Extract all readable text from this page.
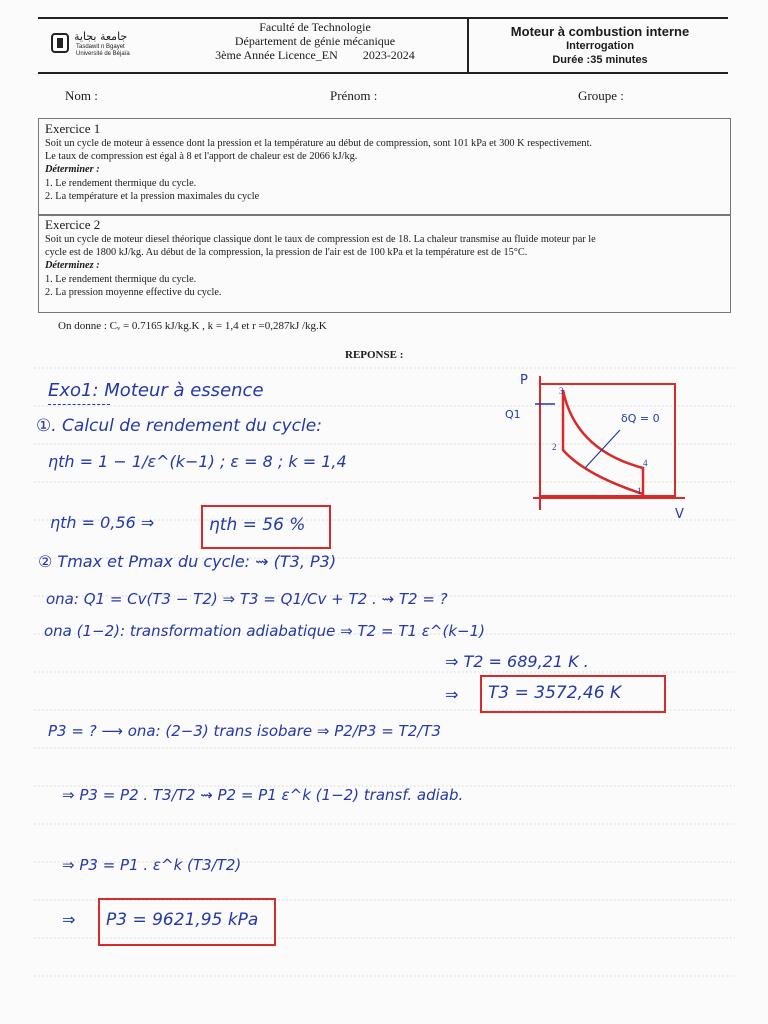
جامعة بجاية
Tasdawit n Bgayet
Université de Béjaïa
Faculté de Technologie
Département de génie mécanique
3ème Année Licence_EN 2023-2024
Moteur à combustion interne
Interrogation
Durée :35 minutes
Nom :	Prénom :	Groupe :
Exercice 1
Soit un cycle de moteur à essence dont la pression et la température au début de compression, sont 101 kPa et 300 K respectivement.
Le taux de compression est égal à 8 et l'apport de chaleur est de 2066 kJ/kg.
Déterminer :
1. Le rendement thermique du cycle.
2. La température et la pression maximales du cycle
Exercice 2
Soit un cycle de moteur diesel théorique classique dont le taux de compression est de 18. La chaleur transmise au fluide moteur par le
cycle est de 1800 kJ/kg. Au début de la compression, la pression de l'air est de 100 kPa et la température est de 15°C.
Déterminez :
1. Le rendement thermique du cycle.
2. La pression moyenne effective du cycle.
On donne : Cᵥ = 0.7165 kJ/kg.K , k = 1,4 et r =0,287kJ /kg.K
REPONSE :
P
V
Q1	δQ = 0
3
2
4
1
Exo1: Moteur à essence
①. Calcul de rendement du cycle:
ηth = 1 − 1/ε^(k−1) ; ε = 8 ; k = 1,4
ηth = 0,56 ⇒	ηth = 56 %
② Tmax et Pmax du cycle: ⇝ (T3, P3)
ona: Q1 = Cv(T3 − T2) ⇒ T3 = Q1/Cv + T2 . ⇝ T2 = ?
ona (1−2): transformation adiabatique ⇒ T2 = T1 ε^(k−1)
⇒ T2 = 689,21 K .
⇒ T3 = 3572,46 K
P3 = ? ⟶ ona: (2−3) trans isobare ⇒ P2/P3 = T2/T3
⇒ P3 = P2 . T3/T2 ⇝ P2 = P1 ε^k (1−2) transf. adiab.
⇒ P3 = P1 . ε^k (T3/T2)
⇒ P3 = 9621,95 kPa
